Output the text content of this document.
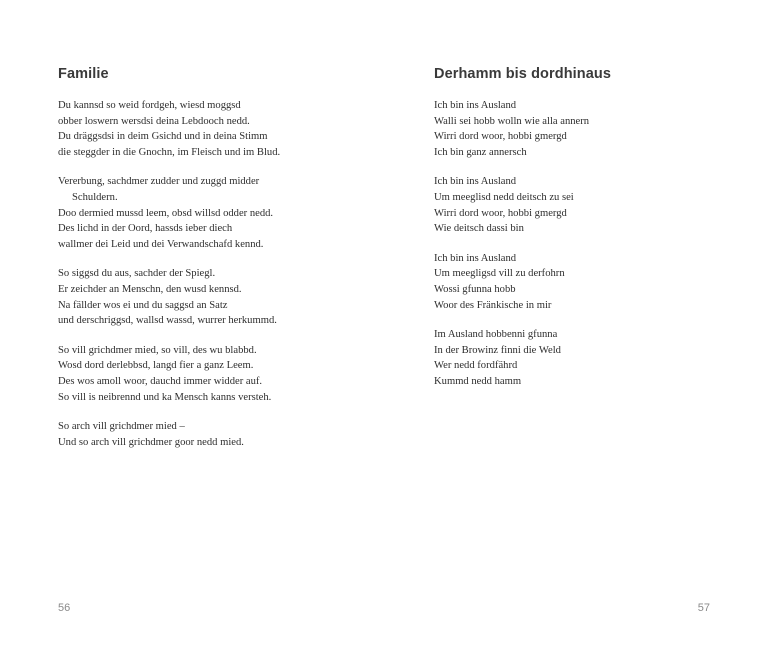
Familie
Du kannsd so weid fordgeh, wiesd moggsd
obber loswern wersdsi deina Lebdooch nedd.
Du dräggsdsi in deim Gsichd und in deina Stimm
die steggder in die Gnochn, im Fleisch und im Blud.
Vererbung, sachdmer zudder und zuggd midder
Schuldern.
Doo dermied mussd leem, obsd willsd odder nedd.
Des lichd in der Oord, hassds ieber diech
wallmer dei Leid und dei Verwandschafd kennd.
So siggsd du aus, sachder der Spiegl.
Er zeichder an Menschn, den wusd kennsd.
Na fällder wos ei und du saggsd an Satz
und derschriggsd, wallsd wassd, wurrer herkummd.
So vill grichdmer mied, so vill, des wu blabbd.
Wosd dord derlebbsd, langd fier a ganz Leem.
Des wos amoll woor, dauchd immer widder auf.
So vill is neibrennd und ka Mensch kanns versteh.
So arch vill grichdmer mied –
Und so arch vill grichdmer goor nedd mied.
56
Derhamm bis dordhinaus
Ich bin ins Ausland
Walli sei hobb wolln wie alla annern
Wirri dord woor, hobbi gmergd
Ich bin ganz annersch
Ich bin ins Ausland
Um meeglisd nedd deitsch zu sei
Wirri dord woor, hobbi gmergd
Wie deitsch dassi bin
Ich bin ins Ausland
Um meegligsd vill zu derfohrn
Wossi gfunna hobb
Woor des Fränkische in mir
Im Ausland hobbenni gfunna
In der Browinz finni die Weld
Wer nedd fordfährd
Kummd nedd hamm
57
